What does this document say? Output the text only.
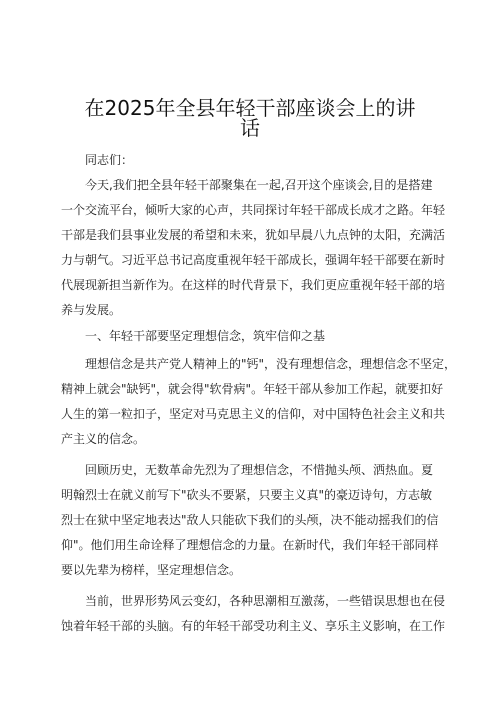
在2025年全县年轻干部座谈会上的讲
话
同志们：
今天,我们把全县年轻干部聚集在一起,召开这个座谈会,目的是搭建
一个交流平台，倾听大家的心声，共同探讨年轻干部成长成才之路。年轻
干部是我们县事业发展的希望和未来，犹如早晨八九点钟的太阳，充满活
力与朝气。习近平总书记高度重视年轻干部成长，强调年轻干部要在新时
代展现新担当新作为。在这样的时代背景下，我们更应重视年轻干部的培
养与发展。
一、年轻干部要坚定理想信念，筑牢信仰之基
理想信念是共产党人精神上的"钙"，没有理想信念，理想信念不坚定，
精神上就会"缺钙"，就会得"软骨病"。年轻干部从参加工作起，就要扣好
人生的第一粒扣子，坚定对马克思主义的信仰，对中国特色社会主义和共
产主义的信念。
回顾历史，无数革命先烈为了理想信念，不惜抛头颅、洒热血。夏
明翰烈士在就义前写下"砍头不要紧，只要主义真"的豪迈诗句，方志敏
烈士在狱中坚定地表达"敌人只能砍下我们的头颅，决不能动摇我们的信
仰"。他们用生命诠释了理想信念的力量。在新时代，我们年轻干部同样
要以先辈为榜样，坚定理想信念。
当前，世界形势风云变幻，各种思潮相互激荡，一些错误思想也在侵
蚀着年轻干部的头脑。有的年轻干部受功利主义、享乐主义影响，在工作
